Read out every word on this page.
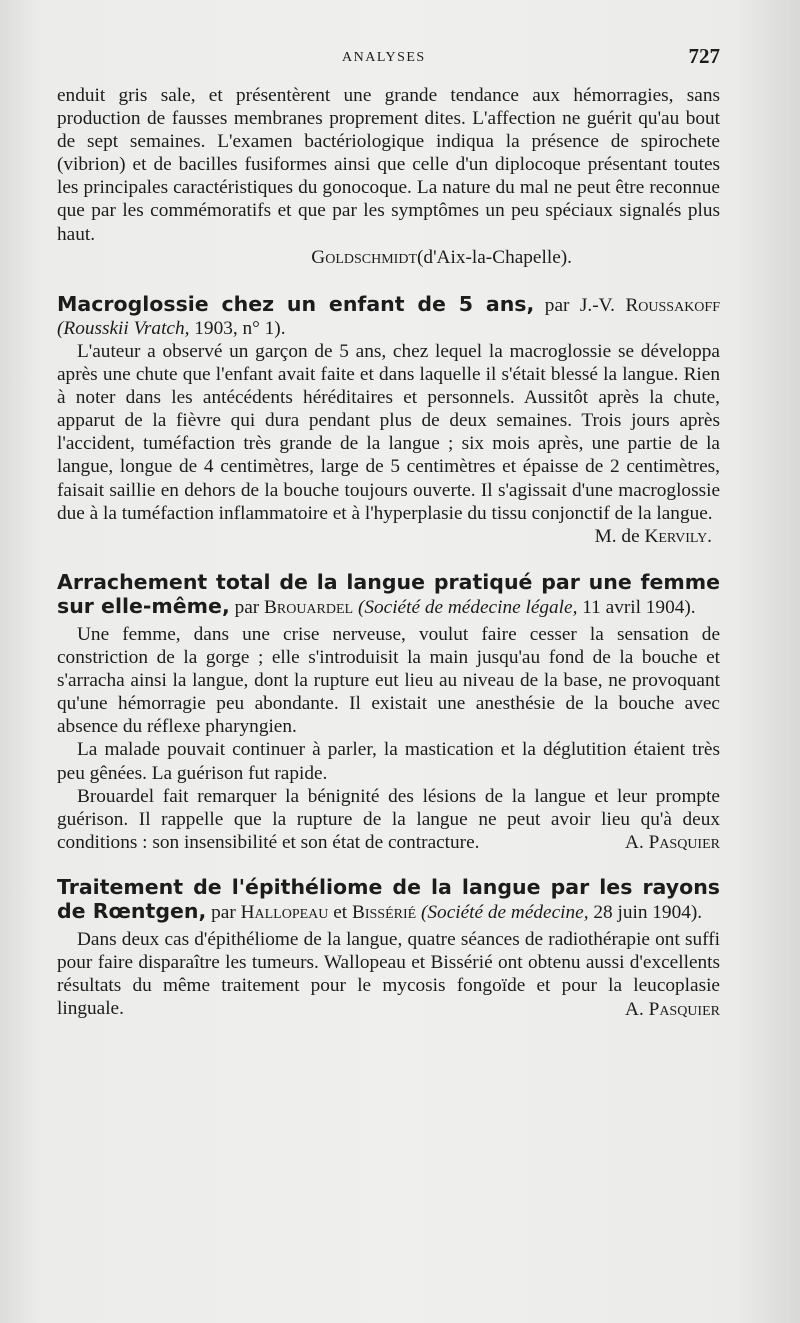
ANALYSES	727

enduit gris sale, et présentèrent une grande tendance aux hémorragies, sans production de fausses membranes proprement dites. L'affection ne guérit qu'au bout de sept semaines. L'examen bactériologique indiqua la présence de spirochete (vibrion) et de bacilles fusiformes ainsi que celle d'un diplocoque présentant toutes les principales caractéristiques du gonocoque. La nature du mal ne peut être reconnue que par les commémoratifs et que par les symptômes un peu spéciaux signalés plus haut.

Goldschmidt(d'Aix-la-Chapelle).

Macroglossie chez un enfant de 5 ans, par J.-V. Roussakoff (Rousskii Vratch, 1903, n° 1).

L'auteur a observé un garçon de 5 ans, chez lequel la macroglossie se développa après une chute que l'enfant avait faite et dans laquelle il s'était blessé la langue. Rien à noter dans les antécédents héréditaires et personnels. Aussitôt après la chute, apparut de la fièvre qui dura pendant plus de deux semaines. Trois jours après l'accident, tuméfaction très grande de la langue ; six mois après, une partie de la langue, longue de 4 centimètres, large de 5 centimètres et épaisse de 2 centimètres, faisait saillie en dehors de la bouche toujours ouverte. Il s'agissait d'une macroglossie due à la tuméfaction inflammatoire et à l'hyperplasie du tissu conjonctif de la langue.

M. de Kervily.

Arrachement total de la langue pratiqué par une femme sur elle-même, par Brouardel (Société de médecine légale, 11 avril 1904).

Une femme, dans une crise nerveuse, voulut faire cesser la sensation de constriction de la gorge ; elle s'introduisit la main jusqu'au fond de la bouche et s'arracha ainsi la langue, dont la rupture eut lieu au niveau de la base, ne provoquant qu'une hémorragie peu abondante. Il existait une anesthésie de la bouche avec absence du réflexe pharyngien.

La malade pouvait continuer à parler, la mastication et la déglutition étaient très peu gênées. La guérison fut rapide.

Brouardel fait remarquer la bénignité des lésions de la langue et leur prompte guérison. Il rappelle que la rupture de la langue ne peut avoir lieu qu'à deux conditions : son insensibilité et son état de contracture.	A. Pasquier

Traitement de l'épithéliome de la langue par les rayons de Rœntgen, par Hallopeau et Bissérié (Société de médecine, 28 juin 1904).

Dans deux cas d'épithéliome de la langue, quatre séances de radiothérapie ont suffi pour faire disparaître les tumeurs. Wallopeau et Bissérié ont obtenu aussi d'excellents résultats du même traitement pour le mycosis fongoïde et pour la leucoplasie linguale.	A. Pasquier
